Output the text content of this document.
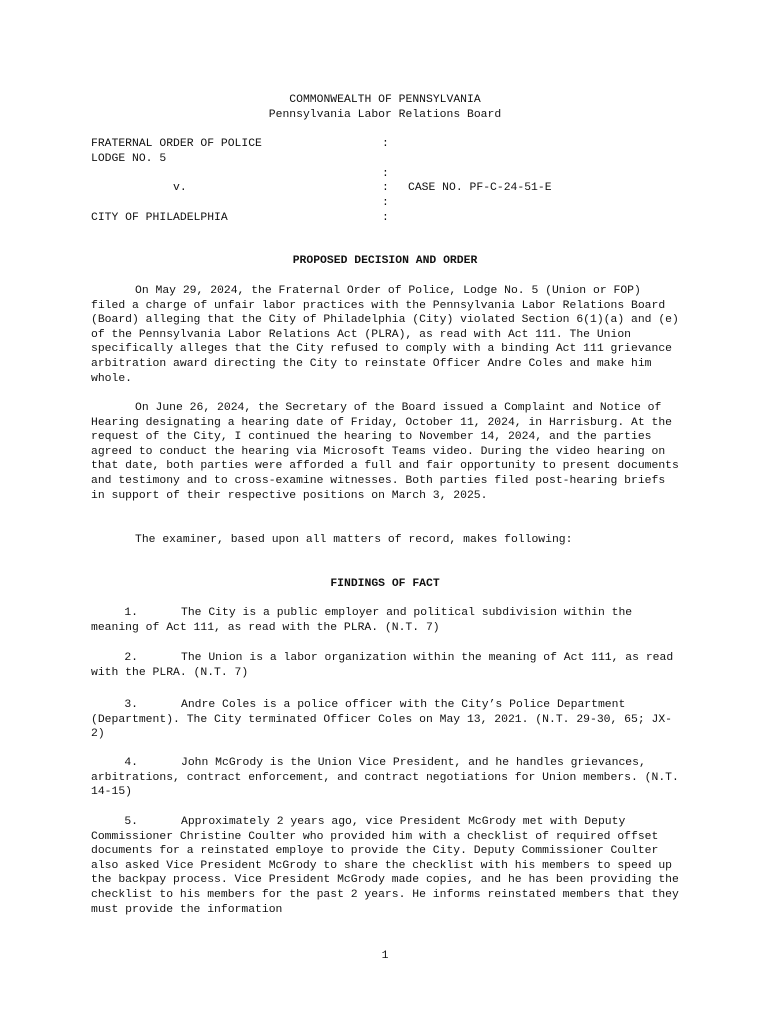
COMMONWEALTH OF PENNSYLVANIA
Pennsylvania Labor Relations Board
FRATERNAL ORDER OF POLICE	:
LODGE NO. 5
:
v.	: CASE NO. PF-C-24-51-E
:
CITY OF PHILADELPHIA	:
PROPOSED DECISION AND ORDER
On May 29, 2024, the Fraternal Order of Police, Lodge No. 5 (Union or FOP) filed a charge of unfair labor practices with the Pennsylvania Labor Relations Board (Board) alleging that the City of Philadelphia (City) violated Section 6(1)(a) and (e) of the Pennsylvania Labor Relations Act (PLRA), as read with Act 111. The Union specifically alleges that the City refused to comply with a binding Act 111 grievance arbitration award directing the City to reinstate Officer Andre Coles and make him whole.
On June 26, 2024, the Secretary of the Board issued a Complaint and Notice of Hearing designating a hearing date of Friday, October 11, 2024, in Harrisburg. At the request of the City, I continued the hearing to November 14, 2024, and the parties agreed to conduct the hearing via Microsoft Teams video. During the video hearing on that date, both parties were afforded a full and fair opportunity to present documents and testimony and to cross-examine witnesses. Both parties filed post-hearing briefs in support of their respective positions on March 3, 2025.
The examiner, based upon all matters of record, makes following:
FINDINGS OF FACT
1.	The City is a public employer and political subdivision within the meaning of Act 111, as read with the PLRA. (N.T. 7)
2.	The Union is a labor organization within the meaning of Act 111, as read with the PLRA. (N.T. 7)
3.	Andre Coles is a police officer with the City’s Police Department (Department). The City terminated Officer Coles on May 13, 2021. (N.T. 29-30, 65; JX-2)
4.	John McGrody is the Union Vice President, and he handles grievances, arbitrations, contract enforcement, and contract negotiations for Union members. (N.T. 14-15)
5.	Approximately 2 years ago, vice President McGrody met with Deputy Commissioner Christine Coulter who provided him with a checklist of required offset documents for a reinstated employe to provide the City. Deputy Commissioner Coulter also asked Vice President McGrody to share the checklist with his members to speed up the backpay process. Vice President McGrody made copies, and he has been providing the checklist to his members for the past 2 years. He informs reinstated members that they must provide the information
1
